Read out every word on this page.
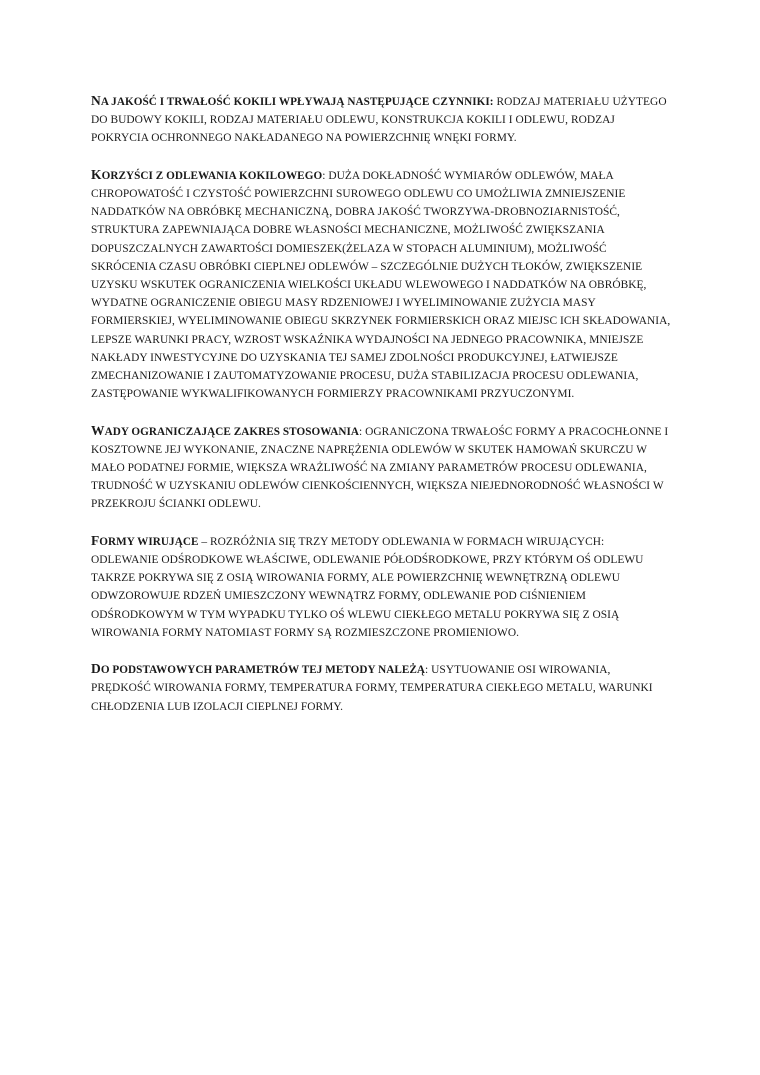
NA JAKOŚĆ I TRWAŁOŚĆ KOKILI WPŁYWAJĄ NASTĘPUJĄCE CZYNNIKI: RODZAJ MATERIAŁU UŻYTEGO DO BUDOWY KOKILI, RODZAJ MATERIAŁU ODLEWU, KONSTRUKCJA KOKILI I ODLEWU, RODZAJ POKRYCIA OCHRONNEGO NAKŁADANEGO NA POWIERZCHNIĘ WNĘKI FORMY.

KORZYŚCI Z ODLEWANIA KOKILOWEGO: DUŻA DOKŁADNOŚĆ WYMIARÓW ODLEWÓW, MAŁA CHROPOWATOŚĆ I CZYSTOŚĆ POWIERZCHNI SUROWEGO ODLEWU CO UMOŻLIWIA ZMNIEJSZENIE NADDATKÓW NA OBRÓBKĘ MECHANICZNĄ, DOBRA JAKOŚĆ TWORZYWA-DROBNOZIARNISTOŚĆ, STRUKTURA ZAPEWNIAJĄCA DOBRE WŁASNOŚCI MECHANICZNE, MOŻLIWOŚĆ ZWIĘKSZANIA DOPUSZCZALNYCH ZAWARTOŚCI DOMIESZEK(ŻELAZA W STOPACH ALUMINIUM), MOŻLIWOŚĆ SKRÓCENIA CZASU OBRÓBKI CIEPLNEJ ODLEWÓW – SZCZEGÓLNIE DUŻYCH TŁOKÓW, ZWIĘKSZENIE UZYSKU WSKUTEK OGRANICZENIA WIELKOŚCI UKŁADU WLEWOWEGO I NADDATKÓW NA OBRÓBKĘ, WYDATNE OGRANICZENIE OBIEGU MASY RDZENIOWEJ I WYELIMINOWANIE ZUŻYCIA MASY FORMIERSKIEJ, WYELIMINOWANIE OBIEGU SKRZYNEK FORMIERSKICH ORAZ MIEJSC ICH SKŁADOWANIA, LEPSZE WARUNKI PRACY, WZROST WSKAŹNIKA WYDAJNOŚCI NA JEDNEGO PRACOWNIKA, MNIEJSZE NAKŁADY INWESTYCYJNE DO UZYSKANIA TEJ SAMEJ ZDOLNOŚCI PRODUKCYJNEJ, ŁATWIEJSZE ZMECHANIZOWANIE I ZAUTOMATYZOWANIE PROCESU, DUŻA STABILIZACJA PROCESU ODLEWANIA, ZASTĘPOWANIE WYKWALIFIKOWANYCH FORMIERZY PRACOWNIKAMI PRZYUCZONYMI.

WADY OGRANICZAJĄCE ZAKRES STOSOWANIA: OGRANICZONA TRWAŁOŚC FORMY A PRACOCHŁONNE I KOSZTOWNE JEJ WYKONANIE, ZNACZNE NAPRĘŻENIA ODLEWÓW W SKUTEK HAMOWAŃ SKURCZU W MAŁO PODATNEJ FORMIE, WIĘKSZA WRAŻLIWOŚĆ NA ZMIANY PARAMETRÓW PROCESU ODLEWANIA, TRUDNOŚĆ W UZYSKANIU ODLEWÓW CIENKOŚCIENNYCH, WIĘKSZA NIEJEDNORODNOŚĆ WŁASNOŚCI W PRZEKROJU ŚCIANKI ODLEWU.

FORMY WIRUJĄCE – ROZRÓŻNIA SIĘ TRZY METODY ODLEWANIA W FORMACH WIRUJĄCYCH: ODLEWANIE ODŚRODKOWE WŁAŚCIWE, ODLEWANIE PÓŁODŚRODKOWE, PRZY KTÓRYM OŚ ODLEWU TAKRZE POKRYWA SIĘ Z OSIĄ WIROWANIA FORMY, ALE POWIERZCHNIĘ WEWNĘTRZNĄ ODLEWU ODWZOROWUJE RDZEŃ UMIESZCZONY WEWNĄTRZ FORMY, ODLEWANIE POD CIŚNIENIEM ODŚRODKOWYM W TYM WYPADKU TYLKO OŚ WLEWU CIEKŁEGO METALU POKRYWA SIĘ Z OSIĄ WIROWANIA FORMY NATOMIAST FORMY SĄ ROZMIESZCZONE PROMIENIOWO.

DO PODSTAWOWYCH PARAMETRÓW TEJ METODY NALEŻĄ: USYTUOWANIE OSI WIROWANIA, PRĘDKOŚĆ WIROWANIA FORMY, TEMPERATURA FORMY, TEMPERATURA CIEKŁEGO METALU, WARUNKI CHŁODZENIA LUB IZOLACJI CIEPLNEJ FORMY.
